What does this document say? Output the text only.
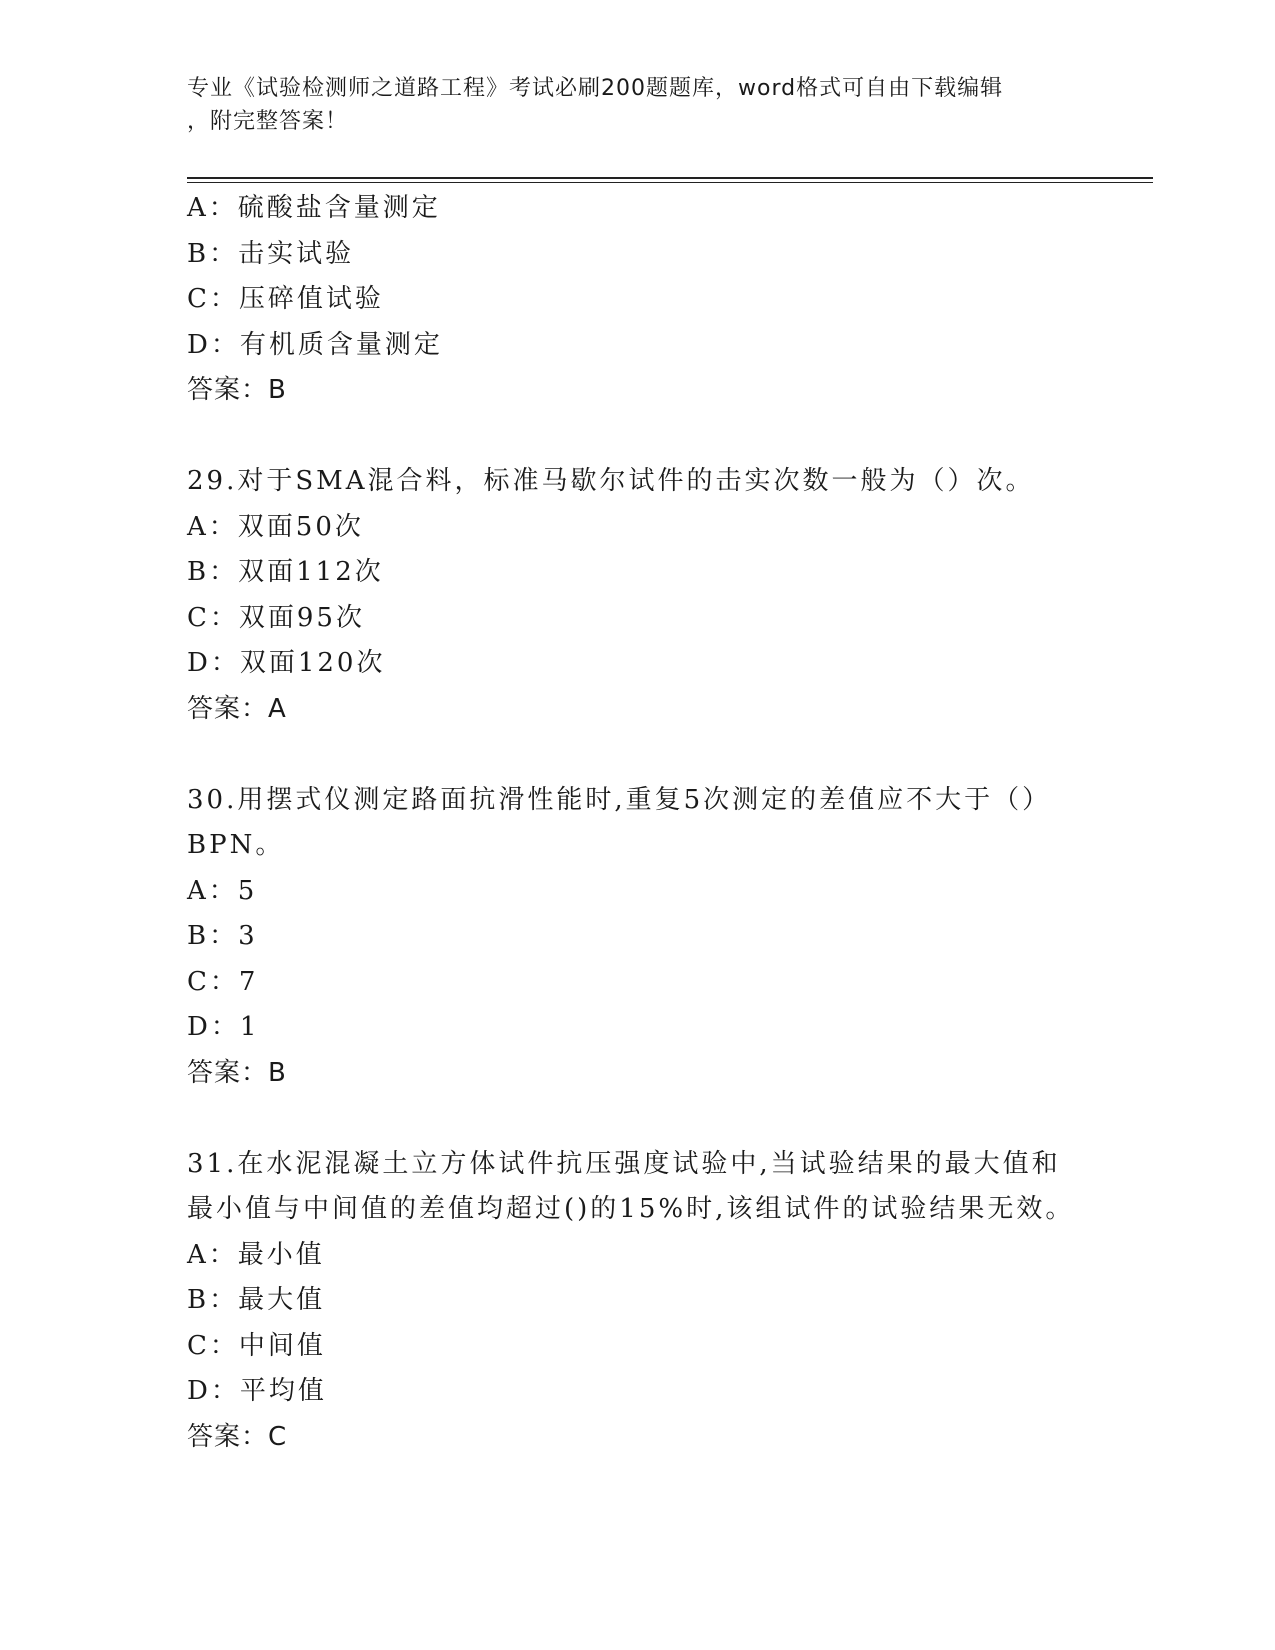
专业《试验检测师之道路工程》考试必刷200题题库，word格式可自由下载编辑
，附完整答案！
A：硫酸盐含量测定
B：击实试验
C：压碎值试验
D：有机质含量测定
答案：B
29.对于SMA混合料，标准马歇尔试件的击实次数一般为（）次。
A：双面50次
B：双面112次
C：双面95次
D：双面120次
答案：A
30.用摆式仪测定路面抗滑性能时,重复5次测定的差值应不大于（）
BPN。
A：5
B：3
C：7
D：1
答案：B
31.在水泥混凝土立方体试件抗压强度试验中,当试验结果的最大值和
最小值与中间值的差值均超过()的15%时,该组试件的试验结果无效。
A：最小值
B：最大值
C：中间值
D：平均值
答案：C
